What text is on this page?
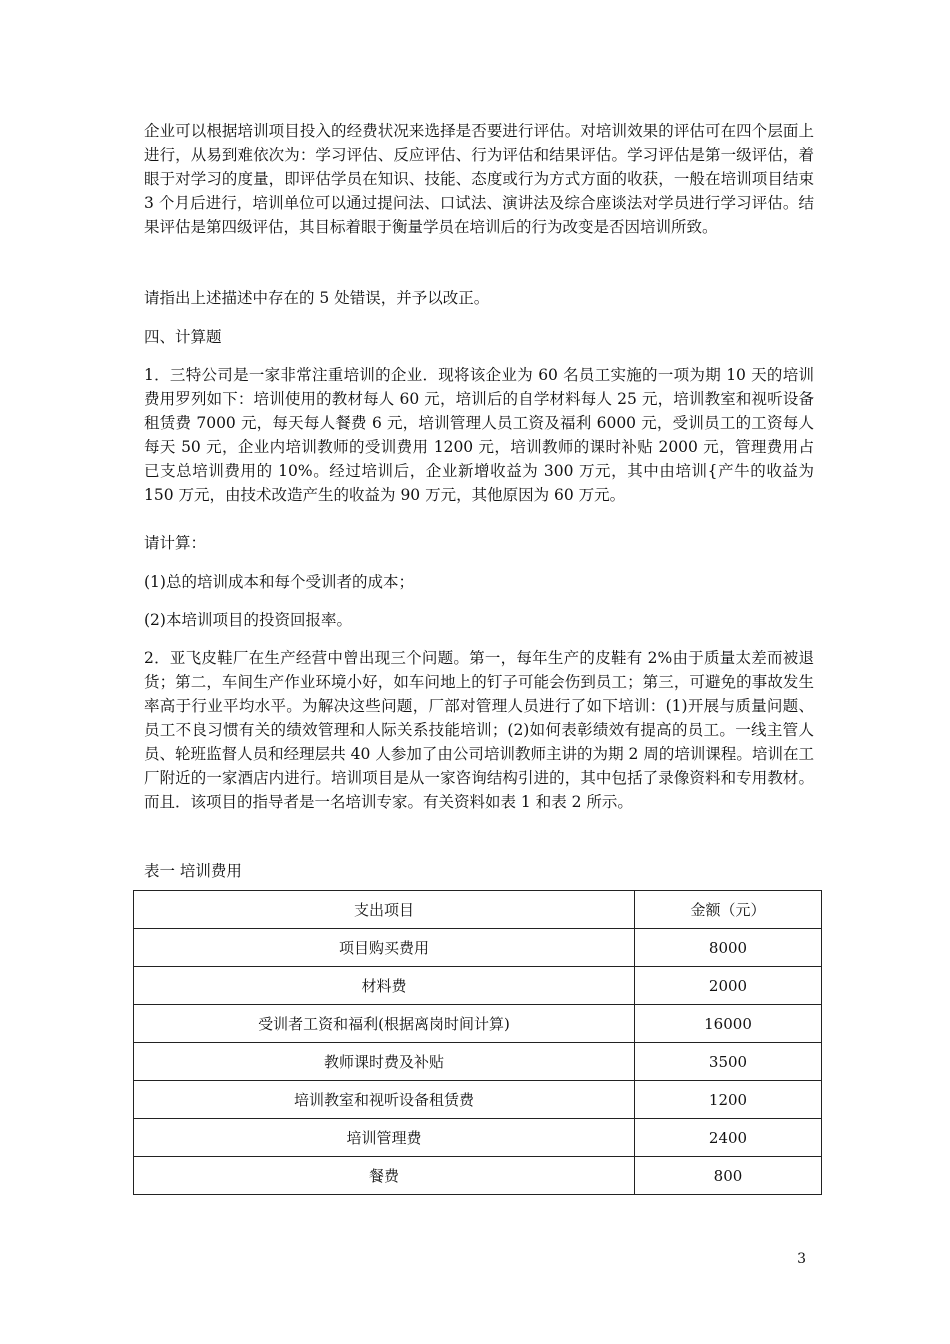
企业可以根据培训项目投入的经费状况来选择是否要进行评估。对培训效果的评估可在四个层面上进行，从易到难依次为：学习评估、反应评估、行为评估和结果评估。学习评估是第一级评估，着眼于对学习的度量，即评估学员在知识、技能、态度或行为方式方面的收获，一般在培训项目结束 3 个月后进行，培训单位可以通过提问法、口试法、演讲法及综合座谈法对学员进行学习评估。结果评估是第四级评估，其目标着眼于衡量学员在培训后的行为改变是否因培训所致。

请指出上述描述中存在的 5 处错误，并予以改正。

四、计算题

1．三特公司是一家非常注重培训的企业．现将该企业为 60 名员工实施的一项为期 10 天的培训费用罗列如下：培训使用的教材每人 60 元，培训后的自学材料每人 25 元，培训教室和视听设备租赁费 7000 元，每天每人餐费 6 元，培训管理人员工资及福利 6000 元，受训员工的工资每人每天 50 元，企业内培训教师的受训费用 1200 元，培训教师的课时补贴 2000 元，管理费用占已支总培训费用的 10%。经过培训后，企业新增收益为 300 万元，其中由培训{产牛的收益为 150 万元，由技术改造产生的收益为 90 万元，其他原因为 60 万元。

请计算：

(1)总的培训成本和每个受训者的成本；

(2)本培训项目的投资回报率。

2．亚飞皮鞋厂在生产经营中曾出现三个问题。第一，每年生产的皮鞋有 2%由于质量太差而被退货；第二，车间生产作业环境小好，如车问地上的钉子可能会伤到员工；第三，可避免的事故发生率高于行业平均水平。为解决这些问题，厂部对管理人员进行了如下培训：(1)开展与质量问题、员工不良习惯有关的绩效管理和人际关系技能培训；(2)如何表彰绩效有提高的员工。一线主管人员、轮班监督人员和经理层共 40 人参加了由公司培训教师主讲的为期 2 周的培训课程。培训在工厂附近的一家酒店内进行。培训项目是从一家咨询结构引进的，其中包括了录像资料和专用教材。而且．该项目的指导者是一名培训专家。有关资料如表 1 和表 2 所示。

表一 培训费用

支出项目	金额（元）
项目购买费用	8000
材料费	2000
受训者工资和福利(根据离岗时间计算)	16000
教师课时费及补贴	3500
培训教室和视听设备租赁费	1200
培训管理费	2400
餐费	800
3
